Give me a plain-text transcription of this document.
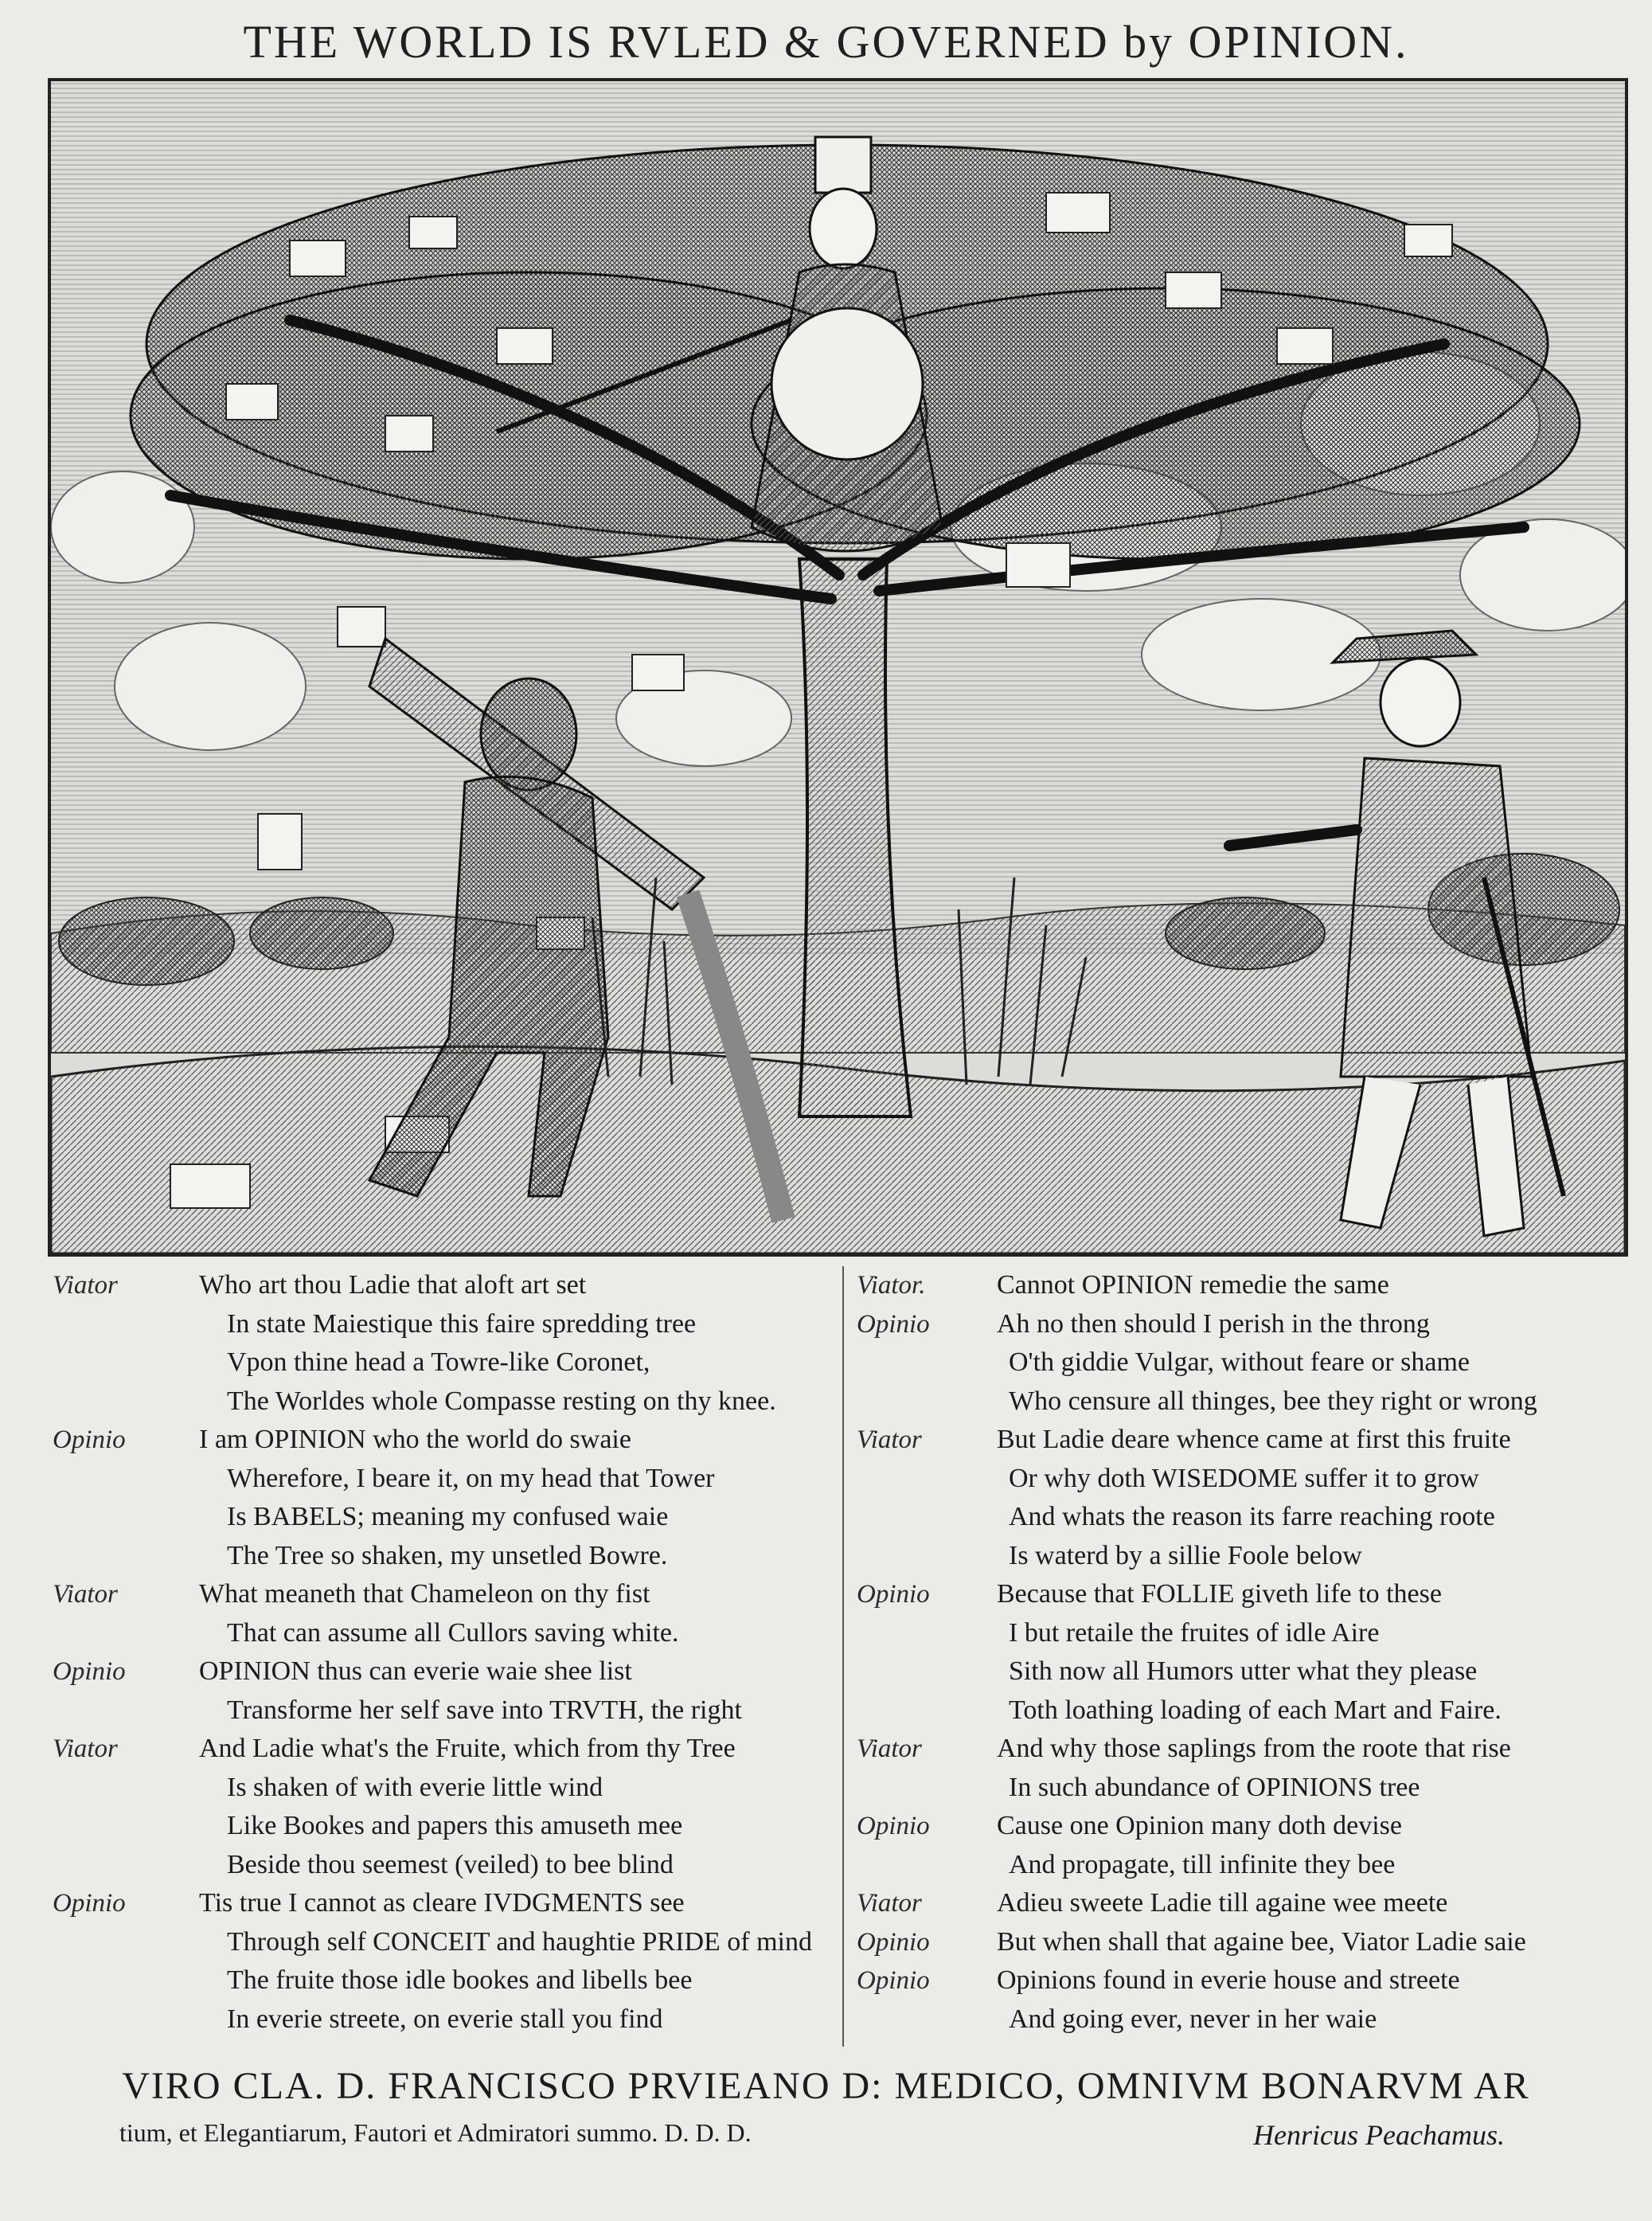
THE WORLD IS RVLED & GOVERNED by OPINION.
Viator	Who art thou Ladie that aloft art set
In state Maiestique this faire spredding tree
Vpon thine head a Towre-like Coronet,
The Worldes whole Compasse resting on thy knee.
Opinio	I am OPINION who the world do swaie
Wherefore, I beare it, on my head that Tower
Is BABELS; meaning my confused waie
The Tree so shaken, my unsetled Bowre.
Viator	What meaneth that Chameleon on thy fist
That can assume all Cullors saving white.
Opinio	OPINION thus can everie waie shee list
Transforme her self save into TRVTH, the right
Viator	And Ladie what's the Fruite, which from thy Tree
Is shaken of with everie little wind
Like Bookes and papers this amuseth mee
Beside thou seemest (veiled) to bee blind
Opinio	Tis true I cannot as cleare IVDGMENTS see
Through self CONCEIT and haughtie PRIDE of mind
The fruite those idle bookes and libells bee
In everie streete, on everie stall you find
Viator.	Cannot OPINION remedie the same
Opinio	Ah no then should I perish in the throng
O'th giddie Vulgar, without feare or shame
Who censure all thinges, bee they right or wrong
Viator	But Ladie deare whence came at first this fruite
Or why doth WISEDOME suffer it to grow
And whats the reason its farre reaching roote
Is waterd by a sillie Foole below
Opinio	Because that FOLLIE giveth life to these
I but retaile the fruites of idle Aire
Sith now all Humors utter what they please
Toth loathing loading of each Mart and Faire.
Viator	And why those saplings from the roote that rise
In such abundance of OPINIONS tree
Opinio	Cause one Opinion many doth devise
And propagate, till infinite they bee
Viator	Adieu sweete Ladie till againe wee meete
Opinio	But when shall that againe bee, Viator Ladie saie
Opinio	Opinions found in everie house and streete
And going ever, never in her waie
VIRO CLA. D. FRANCISCO PRVIEANO D: MEDICO, OMNIVM BONARVM AR
tium, et Elegantiarum, Fautori et Admiratori summo. D. D. D.	Henricus Peachamus.
